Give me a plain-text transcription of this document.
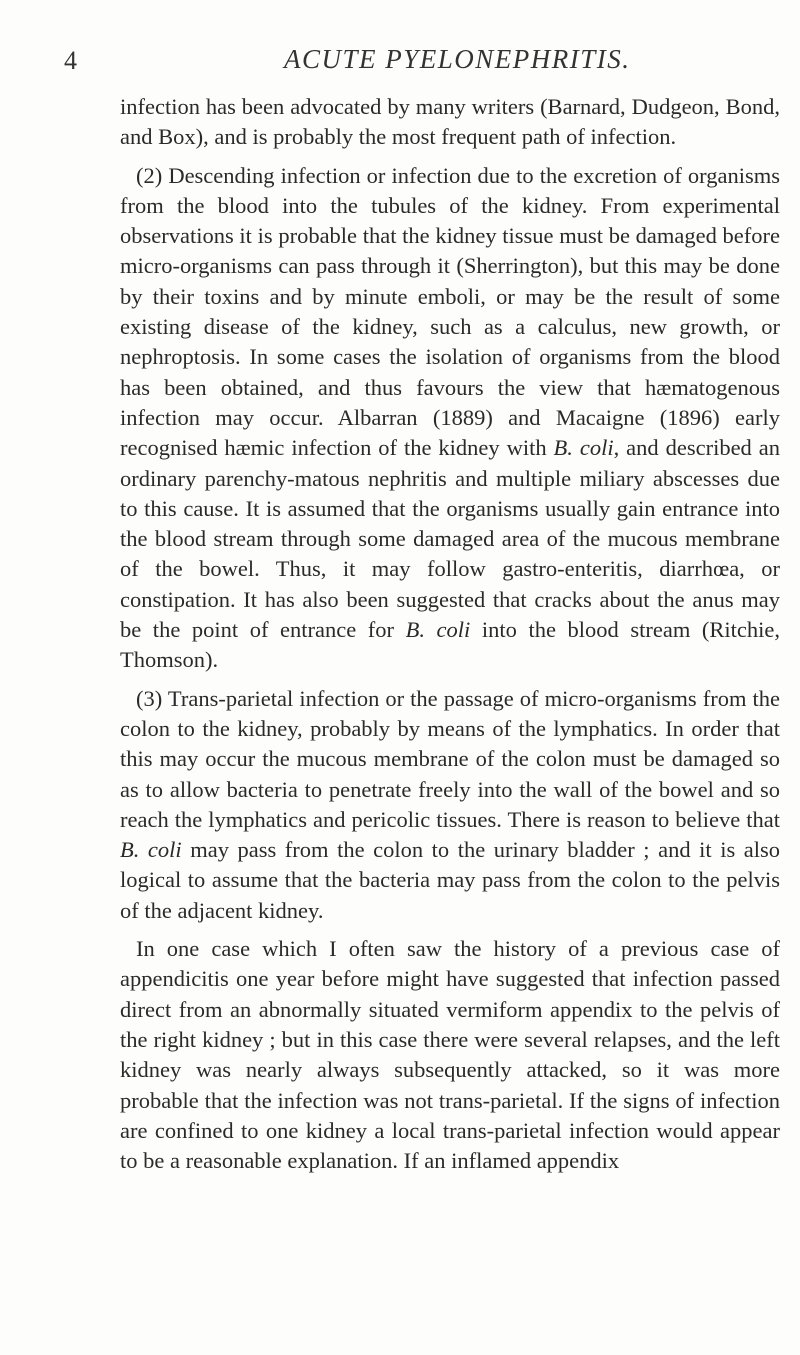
4	ACUTE PYELONEPHRITIS.

infection has been advocated by many writers (Barnard, Dudgeon, Bond, and Box), and is probably the most frequent path of infection.

(2) Descending infection or infection due to the excretion of organisms from the blood into the tubules of the kidney. From experimental observations it is probable that the kidney tissue must be damaged before micro-organisms can pass through it (Sherrington), but this may be done by their toxins and by minute emboli, or may be the result of some existing disease of the kidney, such as a calculus, new growth, or nephroptosis. In some cases the isolation of organisms from the blood has been obtained, and thus favours the view that hæmatogenous infection may occur. Albarran (1889) and Macaigne (1896) early recognised hæmic infection of the kidney with B. coli, and described an ordinary parenchy-matous nephritis and multiple miliary abscesses due to this cause. It is assumed that the organisms usually gain entrance into the blood stream through some damaged area of the mucous membrane of the bowel. Thus, it may follow gastro-enteritis, diarrhœa, or constipation. It has also been suggested that cracks about the anus may be the point of entrance for B. coli into the blood stream (Ritchie, Thomson).

(3) Trans-parietal infection or the passage of micro-organisms from the colon to the kidney, probably by means of the lymphatics. In order that this may occur the mucous membrane of the colon must be damaged so as to allow bacteria to penetrate freely into the wall of the bowel and so reach the lymphatics and pericolic tissues. There is reason to believe that B. coli may pass from the colon to the urinary bladder ; and it is also logical to assume that the bacteria may pass from the colon to the pelvis of the adjacent kidney.

In one case which I often saw the history of a previous case of appendicitis one year before might have suggested that infection passed direct from an abnormally situated vermiform appendix to the pelvis of the right kidney ; but in this case there were several relapses, and the left kidney was nearly always subsequently attacked, so it was more probable that the infection was not trans-parietal. If the signs of infection are confined to one kidney a local trans-parietal infection would appear to be a reasonable explanation. If an inflamed appendix
